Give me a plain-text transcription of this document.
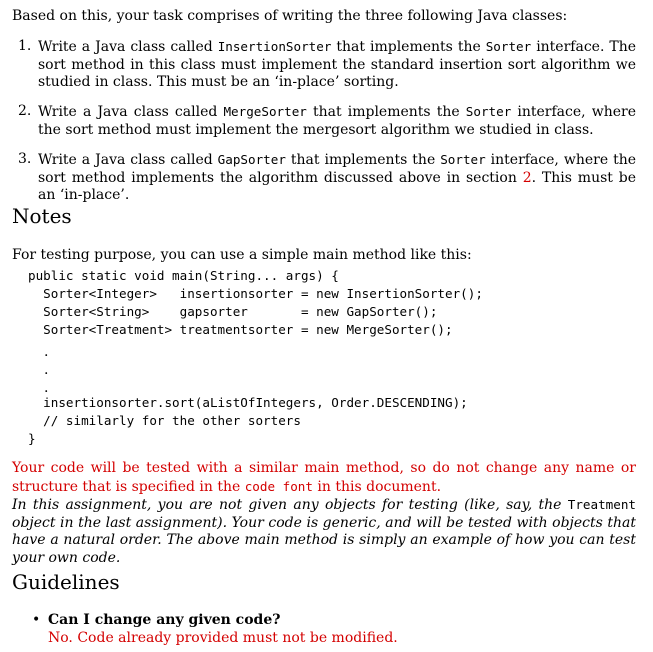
Based on this, your task comprises of writing the three following Java classes:
1. Write a Java class called InsertionSorter that implements the Sorter interface. The sort method in this class must implement the standard insertion sort algorithm we studied in class. This must be an ‘in-place’ sorting.
2. Write a Java class called MergeSorter that implements the Sorter interface, where the sort method must implement the mergesort algorithm we studied in class.
3. Write a Java class called GapSorter that implements the Sorter interface, where the sort method implements the algorithm discussed above in section 2. This must be an ‘in-place’.
Notes
For testing purpose, you can use a simple main method like this:
public static void main(String... args) {
Sorter<Integer>   insertionsorter = new InsertionSorter();
Sorter<String>    gapsorter       = new GapSorter();
Sorter<Treatment> treatmentsorter = new MergeSorter();
.
.
.
insertionsorter.sort(aListOfIntegers, Order.DESCENDING);
// similarly for the other sorters
}
Your code will be tested with a similar main method, so do not change any name or structure that is specified in the code font in this document.
In this assignment, you are not given any objects for testing (like, say, the Treatment object in the last assignment). Your code is generic, and will be tested with objects that have a natural order. The above main method is simply an example of how you can test your own code.
Guidelines
• Can I change any given code?
No. Code already provided must not be modified.
